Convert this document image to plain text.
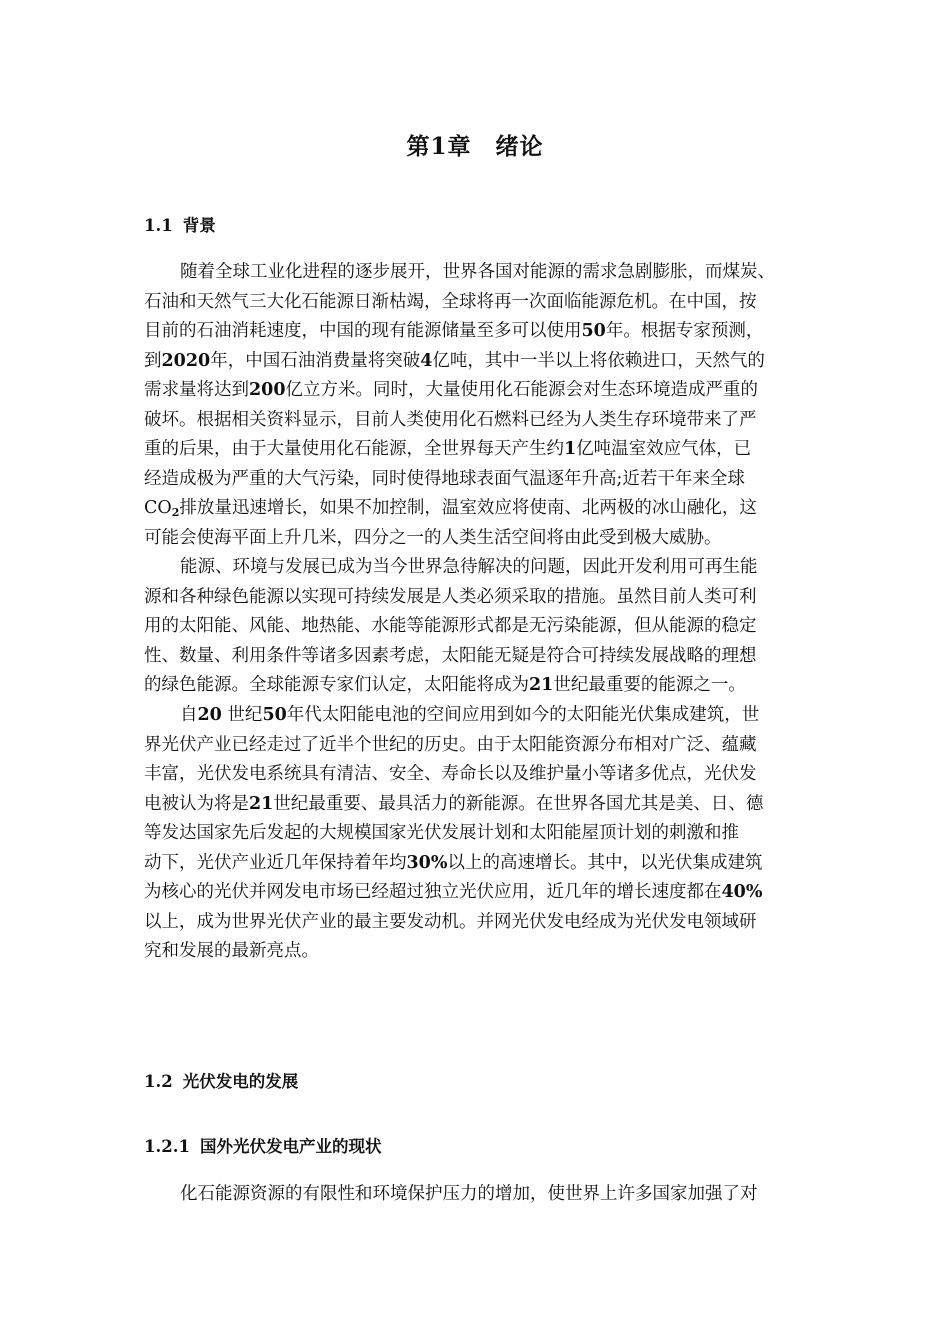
第1章 绪论
1.1 背景
随着全球工业化进程的逐步展开，世界各国对能源的需求急剧膨胀，而煤炭、
石油和天然气三大化石能源日渐枯竭，全球将再一次面临能源危机。在中国，按
目前的石油消耗速度，中国的现有能源储量至多可以使用50年。根据专家预测，
到2020年，中国石油消费量将突破4亿吨，其中一半以上将依赖进口，天然气的
需求量将达到200亿立方米。同时，大量使用化石能源会对生态环境造成严重的
破坏。根据相关资料显示，目前人类使用化石燃料已经为人类生存环境带来了严
重的后果，由于大量使用化石能源，全世界每天产生约1亿吨温室效应气体，已
经造成极为严重的大气污染，同时使得地球表面气温逐年升高;近若干年来全球
$CO_2$排放量迅速增长，如果不加控制，温室效应将使南、北两极的冰山融化，这
可能会使海平面上升几米，四分之一的人类生活空间将由此受到极大威胁。
能源、环境与发展已成为当今世界急待解决的问题，因此开发利用可再生能
源和各种绿色能源以实现可持续发展是人类必须采取的措施。虽然目前人类可利
用的太阳能、风能、地热能、水能等能源形式都是无污染能源，但从能源的稳定
性、数量、利用条件等诸多因素考虑，太阳能无疑是符合可持续发展战略的理想
的绿色能源。全球能源专家们认定，太阳能将成为21世纪最重要的能源之一。
自20 世纪50年代太阳能电池的空间应用到如今的太阳能光伏集成建筑，世
界光伏产业已经走过了近半个世纪的历史。由于太阳能资源分布相对广泛、蕴藏
丰富，光伏发电系统具有清洁、安全、寿命长以及维护量小等诸多优点，光伏发
电被认为将是21世纪最重要、最具活力的新能源。在世界各国尤其是美、日、德
等发达国家先后发起的大规模国家光伏发展计划和太阳能屋顶计划的刺激和推
动下，光伏产业近几年保持着年均30%以上的高速增长。其中，以光伏集成建筑
为核心的光伏并网发电市场已经超过独立光伏应用，近几年的增长速度都在40%
以上，成为世界光伏产业的最主要发动机。并网光伏发电经成为光伏发电领域研
究和发展的最新亮点。
1.2 光伏发电的发展
1.2.1 国外光伏发电产业的现状
化石能源资源的有限性和环境保护压力的增加，使世界上许多国家加强了对
